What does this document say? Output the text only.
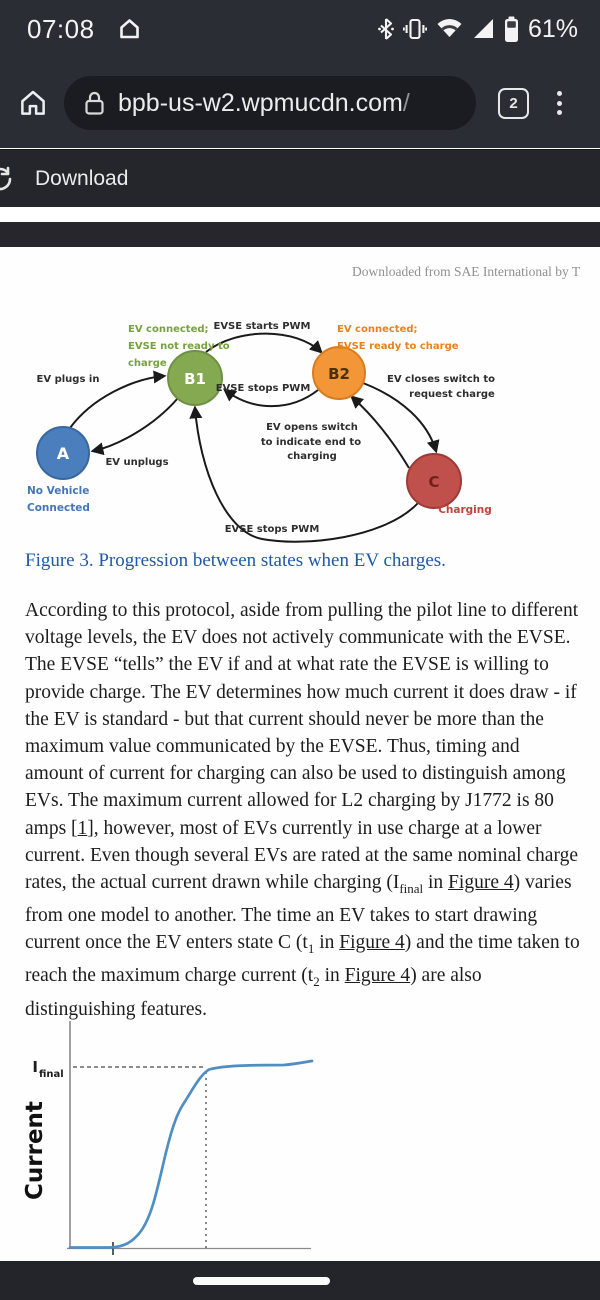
07:08	61%
bpb-us-w2.wpmucdn.com/	2
Download
Downloaded from SAE International by T
A
B1	B2
C
EV connected;
EVSE not ready to
charge
EV connected;
EVSE ready to charge
No Vehicle
Connected	Charging
EV plugs in
EV unplugs
EVSE starts PWM
EVSE stops PWM
EV closes switch to
request charge
EV opens switch
to indicate end to
charging
EVSE stops PWM
Figure 3. Progression between states when EV charges.
According to this protocol, aside from pulling the pilot line to different voltage levels, the EV does not actively communicate with the EVSE. The EVSE “tells” the EV if and at what rate the EVSE is willing to provide charge. The EV determines how much current it does draw - if the EV is standard - but that current should never be more than the maximum value communicated by the EVSE. Thus, timing and amount of current for charging can also be used to distinguish among EVs. The maximum current allowed for L2 charging by J1772 is 80 amps [1], however, most of EVs currently in use charge at a lower current. Even though several EVs are rated at the same nominal charge rates, the actual current drawn while charging ($I_{final}$ in Figure 4) varies from one model to another. The time an EV takes to start drawing current once the EV enters state C ($t_1$ in Figure 4) and the time taken to reach the maximum charge current ($t_2$ in Figure 4) are also distinguishing features.
I final
Current
